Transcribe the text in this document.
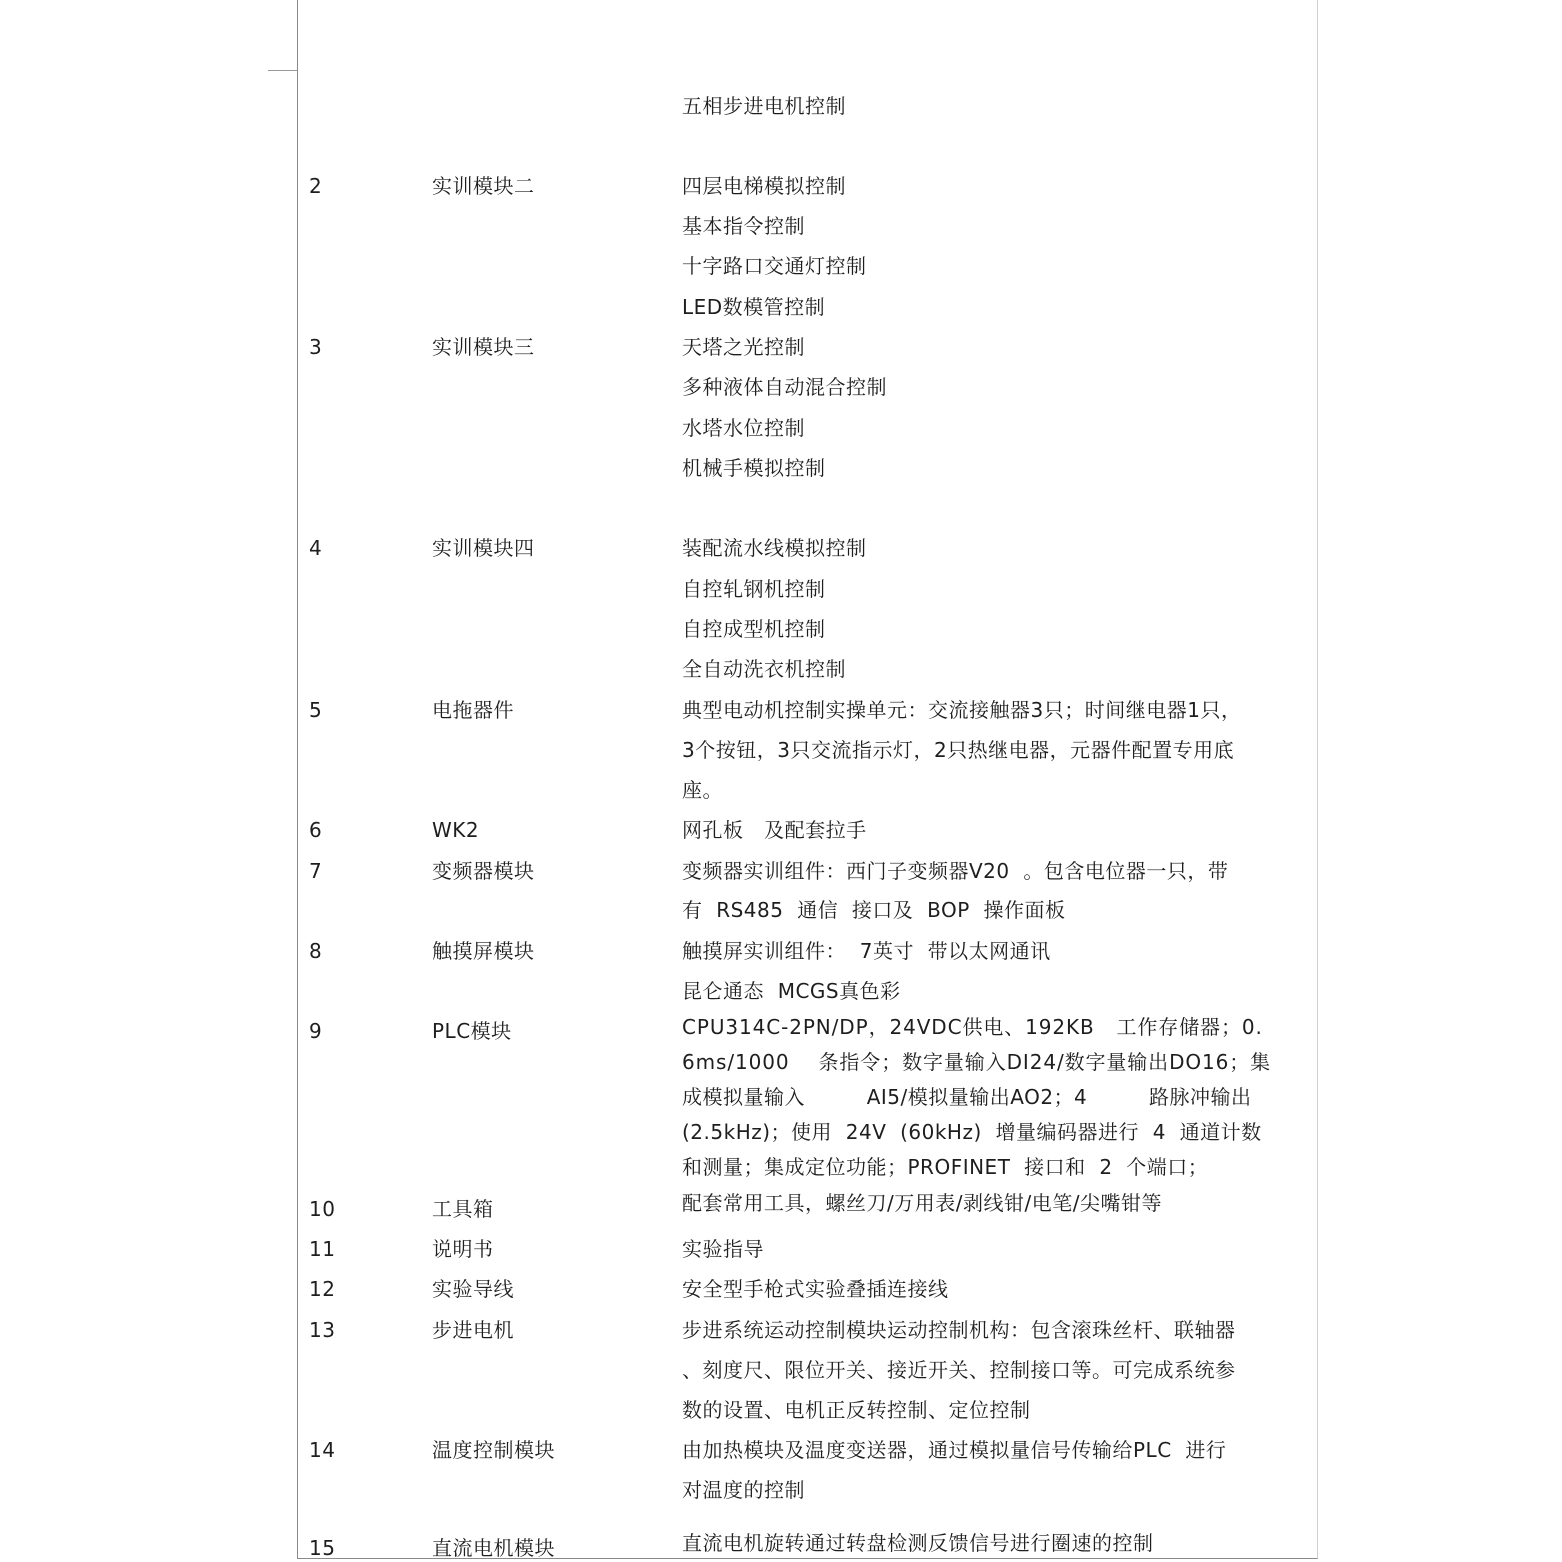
五相步进电机控制
2	实训模块二	四层电梯模拟控制
基本指令控制
十字路口交通灯控制
LED数模管控制
3	实训模块三	天塔之光控制
多种液体自动混合控制
水塔水位控制
机械手模拟控制
4	实训模块四	装配流水线模拟控制
自控轧钢机控制
自控成型机控制
全自动洗衣机控制
5	电拖器件	典型电动机控制实操单元：交流接触器3只；时间继电器1只，
3个按钮，3只交流指示灯，2只热继电器，元器件配置专用底
座。
6	WK2	网孔板   及配套拉手
7	变频器模块	变频器实训组件：西门子变频器V20  。包含电位器一只，带
有  RS485  通信  接口及  BOP  操作面板
8	触摸屏模块	触摸屏实训组件：  7英寸  带以太网通讯
昆仑通态  MCGS真色彩
9	PLC模块	CPU314C-2PN/DP，24VDC供电、192KB   工作存储器；0.
6ms/1000    条指令；数字量输入DI24/数字量输出DO16；集
成模拟量输入         AI5/模拟量输出AO2；4         路脉冲输出
(2.5kHz)；使用  24V  (60kHz)  增量编码器进行  4  通道计数
和测量；集成定位功能；PROFINET  接口和  2  个端口；
10	工具箱	配套常用工具，螺丝刀/万用表/剥线钳/电笔/尖嘴钳等
11	说明书	实验指导
12	实验导线	安全型手枪式实验叠插连接线
13	步进电机	步进系统运动控制模块运动控制机构：包含滚珠丝杆、联轴器
、刻度尺、限位开关、接近开关、控制接口等。可完成系统参
数的设置、电机正反转控制、定位控制
14	温度控制模块	由加热模块及温度变送器，通过模拟量信号传输给PLC  进行
对温度的控制
15	直流电机模块	直流电机旋转通过转盘检测反馈信号进行圈速的控制
